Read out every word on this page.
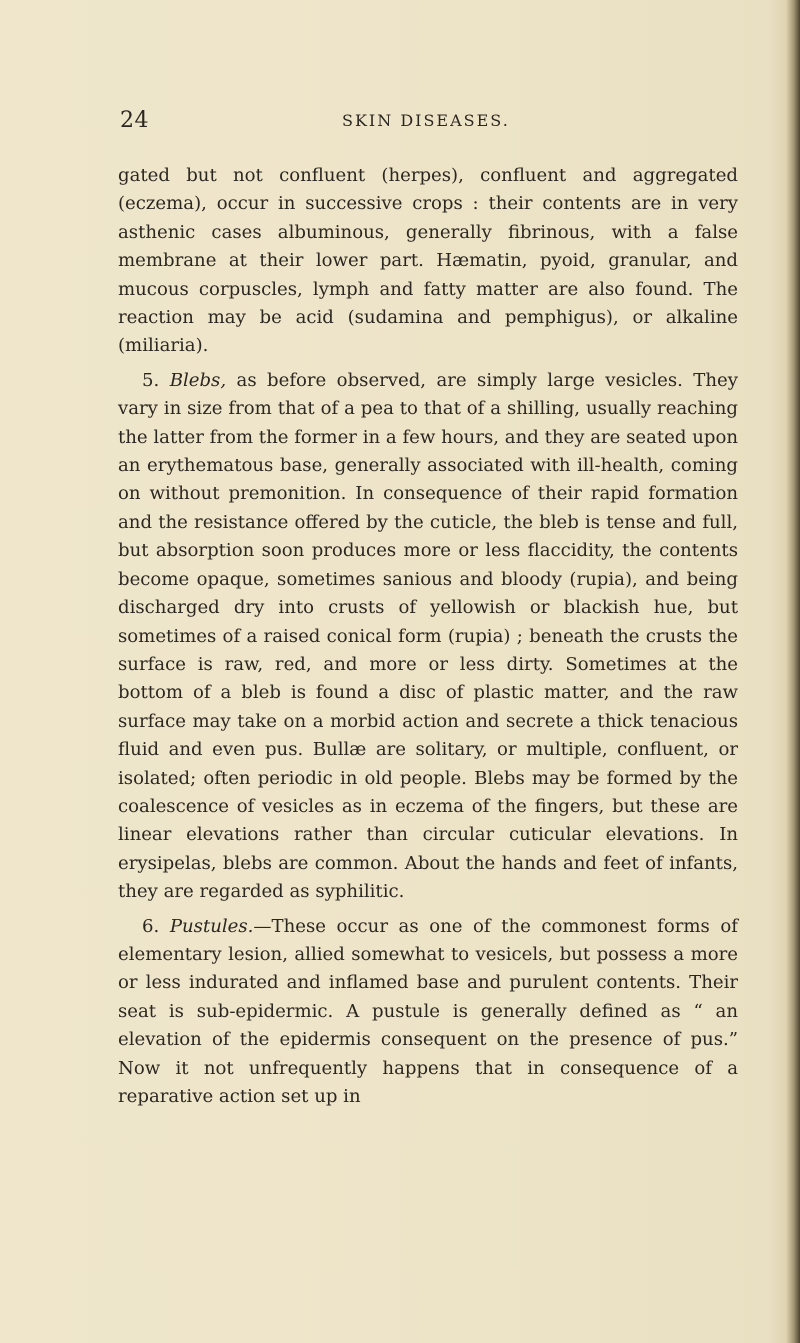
24	SKIN DISEASES.

gated but not confluent (herpes), confluent and aggregated (eczema), occur in successive crops : their contents are in very asthenic cases albuminous, generally fibrinous, with a false membrane at their lower part. Hæmatin, pyoid, granular, and mucous corpuscles, lymph and fatty matter are also found. The reaction may be acid (sudamina and pemphigus), or alkaline (miliaria).

5. Blebs, as before observed, are simply large vesicles. They vary in size from that of a pea to that of a shilling, usually reaching the latter from the former in a few hours, and they are seated upon an erythematous base, generally associated with ill-health, coming on without premonition. In consequence of their rapid formation and the resistance offered by the cuticle, the bleb is tense and full, but absorption soon produces more or less flaccidity, the contents become opaque, sometimes sanious and bloody (rupia), and being discharged dry into crusts of yellowish or blackish hue, but sometimes of a raised conical form (rupia) ; beneath the crusts the surface is raw, red, and more or less dirty. Sometimes at the bottom of a bleb is found a disc of plastic matter, and the raw surface may take on a morbid action and secrete a thick tenacious fluid and even pus. Bullæ are solitary, or multiple, confluent, or isolated; often periodic in old people. Blebs may be formed by the coalescence of vesicles as in eczema of the fingers, but these are linear elevations rather than circular cuticular elevations. In erysipelas, blebs are common. About the hands and feet of infants, they are regarded as syphilitic.

6. Pustules.—These occur as one of the commonest forms of elementary lesion, allied somewhat to vesicels, but possess a more or less indurated and inflamed base and purulent contents. Their seat is sub-epidermic. A pustule is generally defined as “ an elevation of the epidermis consequent on the presence of pus.” Now it not unfrequently happens that in consequence of a reparative action set up in
